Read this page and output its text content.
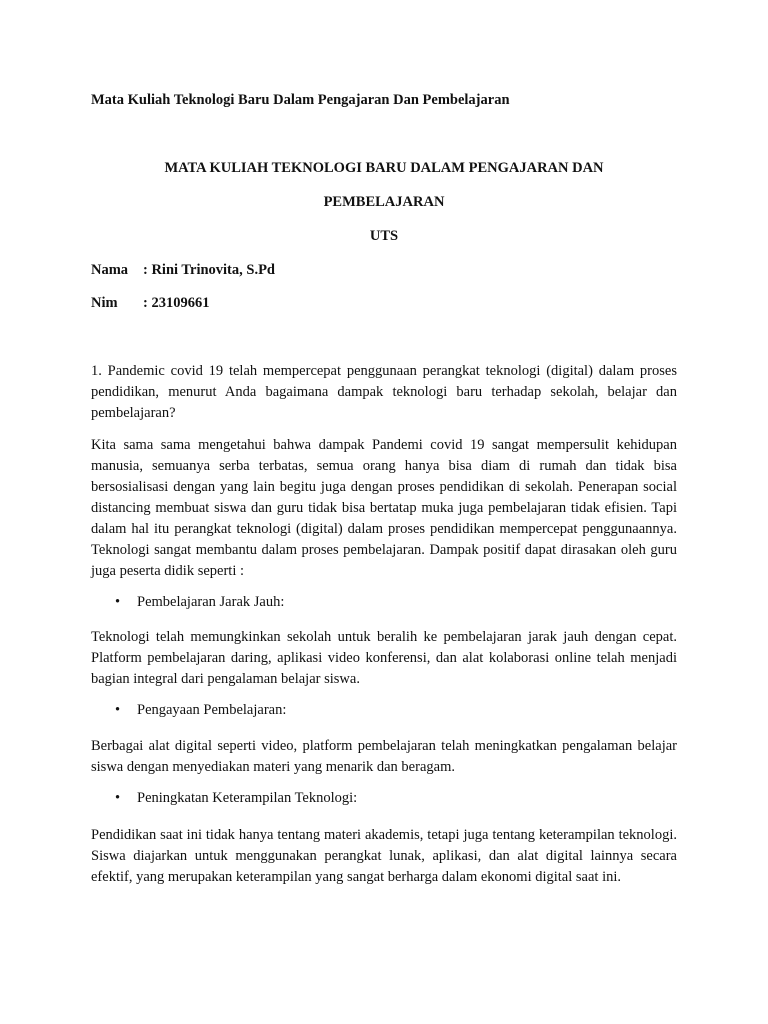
Mata Kuliah Teknologi Baru Dalam Pengajaran Dan Pembelajaran
MATA KULIAH TEKNOLOGI BARU DALAM PENGAJARAN DAN
PEMBELAJARAN
UTS
Nama : Rini Trinovita, S.Pd
Nim : 23109661
1. Pandemic covid 19 telah mempercepat penggunaan perangkat teknologi (digital) dalam proses pendidikan, menurut Anda bagaimana dampak teknologi baru terhadap sekolah, belajar dan pembelajaran?
Kita sama sama mengetahui bahwa dampak Pandemi covid 19 sangat mempersulit kehidupan manusia, semuanya serba terbatas, semua orang hanya bisa diam di rumah dan tidak bisa bersosialisasi dengan yang lain begitu juga dengan proses pendidikan di sekolah. Penerapan social distancing membuat siswa dan guru tidak bisa bertatap muka juga pembelajaran tidak efisien. Tapi dalam hal itu perangkat teknologi (digital) dalam proses pendidikan mempercepat penggunaannya. Teknologi sangat membantu dalam proses pembelajaran. Dampak positif dapat dirasakan oleh guru juga peserta didik seperti :
• Pembelajaran Jarak Jauh:
Teknologi telah memungkinkan sekolah untuk beralih ke pembelajaran jarak jauh dengan cepat. Platform pembelajaran daring, aplikasi video konferensi, dan alat kolaborasi online telah menjadi bagian integral dari pengalaman belajar siswa.
• Pengayaan Pembelajaran:
Berbagai alat digital seperti video, platform pembelajaran telah meningkatkan pengalaman belajar siswa dengan menyediakan materi yang menarik dan beragam.
• Peningkatan Keterampilan Teknologi:
Pendidikan saat ini tidak hanya tentang materi akademis, tetapi juga tentang keterampilan teknologi. Siswa diajarkan untuk menggunakan perangkat lunak, aplikasi, dan alat digital lainnya secara efektif, yang merupakan keterampilan yang sangat berharga dalam ekonomi digital saat ini.
